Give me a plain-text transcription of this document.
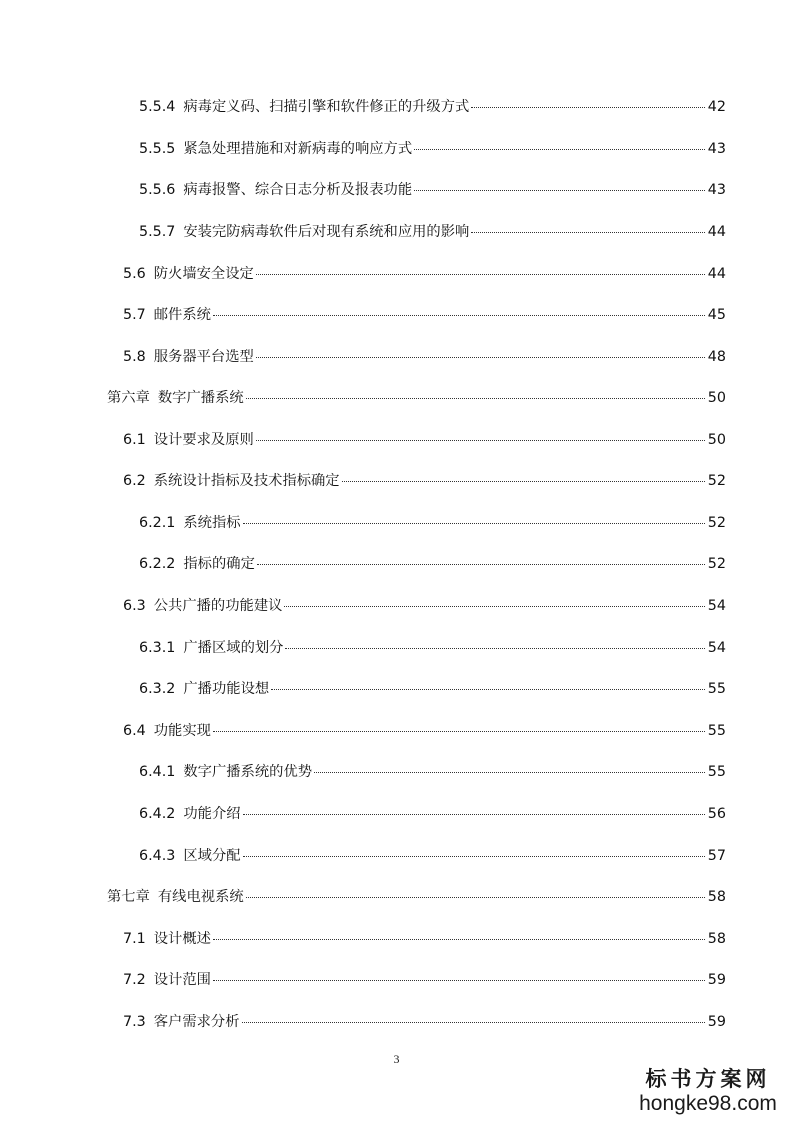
5.5.4 病毒定义码、扫描引擎和软件修正的升级方式	42
5.5.5 紧急处理措施和对新病毒的响应方式	43
5.5.6 病毒报警、综合日志分析及报表功能	43
5.5.7 安装完防病毒软件后对现有系统和应用的影响	44
5.6 防火墙安全设定	44
5.7 邮件系统	45
5.8 服务器平台选型	48
第六章 数字广播系统	50
6.1 设计要求及原则	50
6.2 系统设计指标及技术指标确定	52
6.2.1 系统指标	52
6.2.2 指标的确定	52
6.3 公共广播的功能建议	54
6.3.1 广播区域的划分	54
6.3.2 广播功能设想	55
6.4 功能实现	55
6.4.1 数字广播系统的优势	55
6.4.2 功能介绍	56
6.4.3 区域分配	57
第七章 有线电视系统	58
7.1 设计概述	58
7.2 设计范围	59
7.3 客户需求分析	59
3
标书方案网
hongke98.com
